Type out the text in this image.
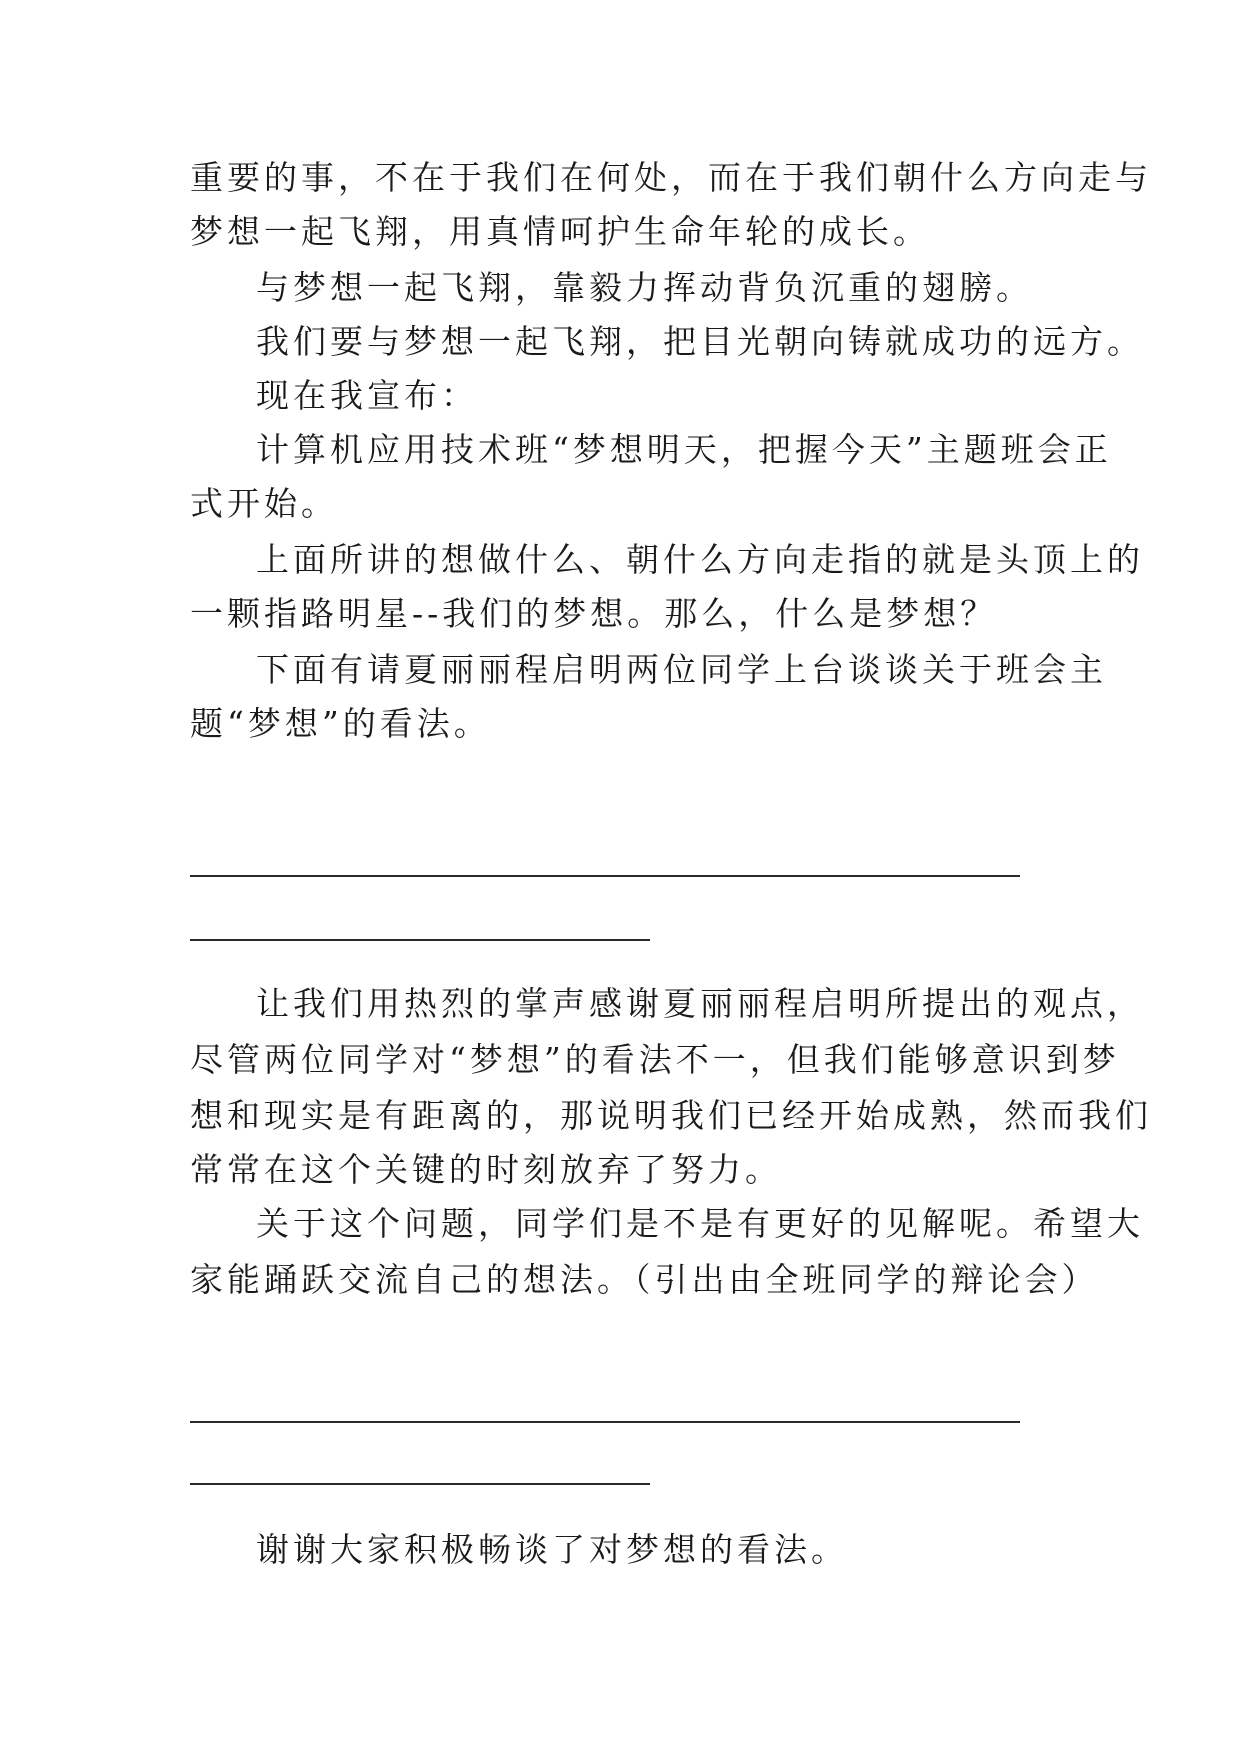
重要的事，不在于我们在何处，而在于我们朝什么方向走与
梦想一起飞翔，用真情呵护生命年轮的成长。
与梦想一起飞翔，靠毅力挥动背负沉重的翅膀。
我们要与梦想一起飞翔，把目光朝向铸就成功的远方。
现在我宣布：
计算机应用技术班“梦想明天，把握今天”主题班会正
式开始。
上面所讲的想做什么、朝什么方向走指的就是头顶上的
一颗指路明星--我们的梦想。那么，什么是梦想？
下面有请夏丽丽程启明两位同学上台谈谈关于班会主
题“梦想”的看法。
让我们用热烈的掌声感谢夏丽丽程启明所提出的观点，
尽管两位同学对“梦想”的看法不一，但我们能够意识到梦
想和现实是有距离的，那说明我们已经开始成熟，然而我们
常常在这个关键的时刻放弃了努力。
关于这个问题，同学们是不是有更好的见解呢。希望大
家能踊跃交流自己的想法。（引出由全班同学的辩论会）
谢谢大家积极畅谈了对梦想的看法。
